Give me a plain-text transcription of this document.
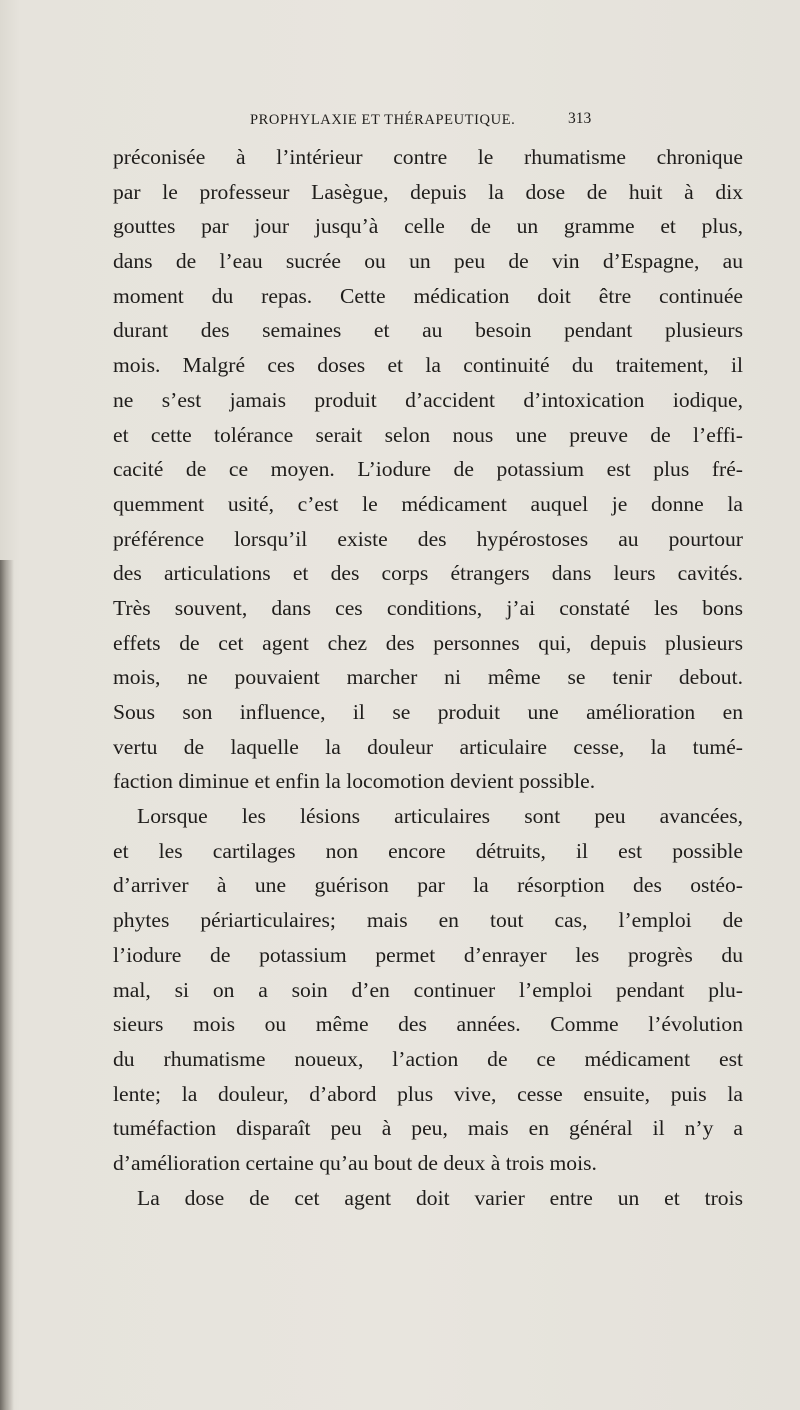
PROPHYLAXIE ET THÉRAPEUTIQUE.	313
préconisée à l’intérieur contre le rhumatisme chronique
par le professeur Lasègue, depuis la dose de huit à dix
gouttes par jour jusqu’à celle de un gramme et plus,
dans de l’eau sucrée ou un peu de vin d’Espagne, au
moment du repas. Cette médication doit être continuée
durant des semaines et au besoin pendant plusieurs
mois. Malgré ces doses et la continuité du traitement, il
ne s’est jamais produit d’accident d’intoxication iodique,
et cette tolérance serait selon nous une preuve de l’effi-
cacité de ce moyen. L’iodure de potassium est plus fré-
quemment usité, c’est le médicament auquel je donne la
préférence lorsqu’il existe des hypérostoses au pourtour
des articulations et des corps étrangers dans leurs cavités.
Très souvent, dans ces conditions, j’ai constaté les bons
effets de cet agent chez des personnes qui, depuis plusieurs
mois, ne pouvaient marcher ni même se tenir debout.
Sous son influence, il se produit une amélioration en
vertu de laquelle la douleur articulaire cesse, la tumé-
faction diminue et enfin la locomotion devient possible.
Lorsque les lésions articulaires sont peu avancées,
et les cartilages non encore détruits, il est possible
d’arriver à une guérison par la résorption des ostéo-
phytes périarticulaires; mais en tout cas, l’emploi de
l’iodure de potassium permet d’enrayer les progrès du
mal, si on a soin d’en continuer l’emploi pendant plu-
sieurs mois ou même des années. Comme l’évolution
du rhumatisme noueux, l’action de ce médicament est
lente; la douleur, d’abord plus vive, cesse ensuite, puis la
tuméfaction disparaît peu à peu, mais en général il n’y a
d’amélioration certaine qu’au bout de deux à trois mois.
La dose de cet agent doit varier entre un et trois
